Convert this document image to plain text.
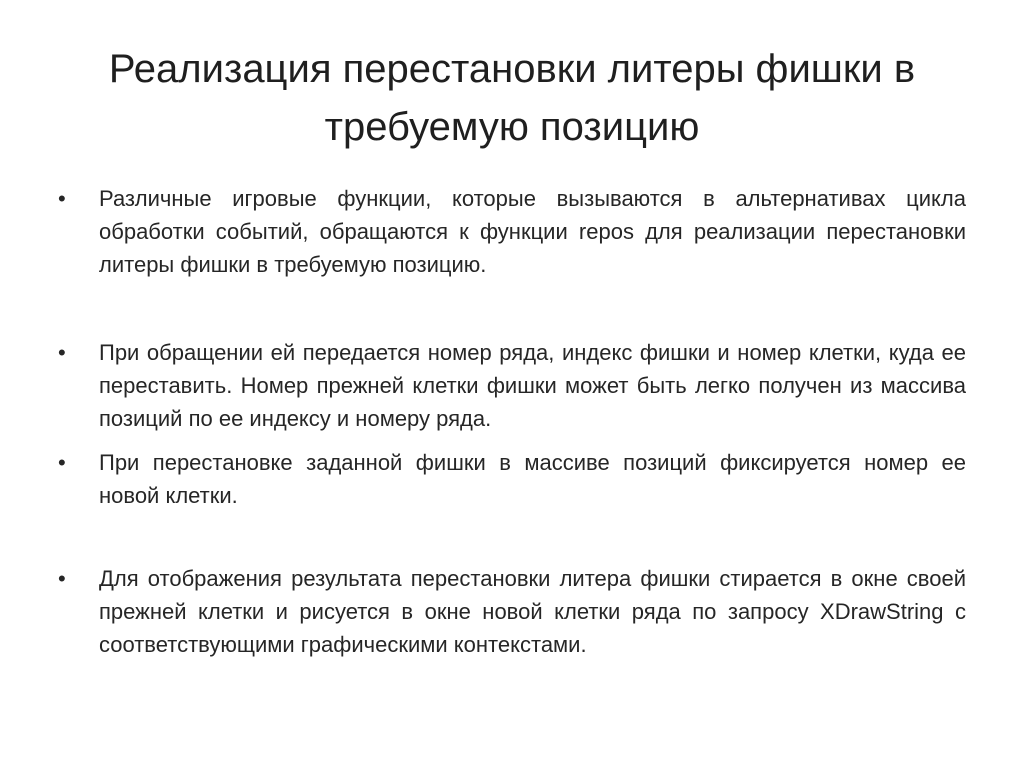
Реализация перестановки литеры фишки в
требуемую позицию
•	Различные игровые функции, которые вызываются в альтернативах цикла обработки событий, обращаются к функции repos для реализации перестановки литеры фишки в требуемую позицию.
•	При обращении ей передается номер ряда, индекс фишки и номер клетки, куда ее переставить. Номер прежней клетки фишки может быть легко получен из массива позиций по ее индексу и номеру ряда.
•	При перестановке заданной фишки в массиве позиций фиксируется номер ее новой клетки.
•	Для отображения результата перестановки литера фишки стирается в окне своей прежней клетки и рисуется в окне новой клетки ряда по запросу XDrawString с соответствующими графическими контекстами.
